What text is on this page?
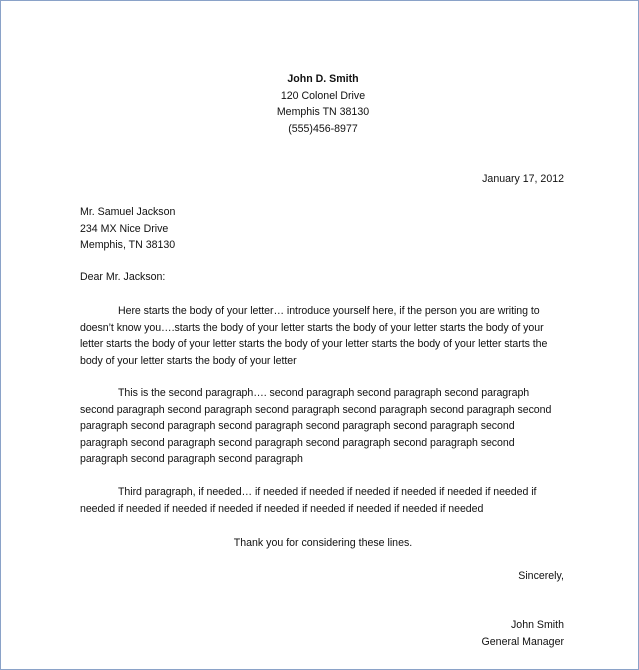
John D. Smith
120 Colonel Drive
Memphis TN 38130
(555)456-8977
January 17, 2012
Mr. Samuel Jackson
234 MX Nice Drive
Memphis, TN 38130
Dear Mr. Jackson:

Here starts the body of your letter… introduce yourself here, if the person you are writing to doesn’t know you….starts the body of your letter starts the body of your letter starts the body of your letter starts the body of your letter starts the body of your letter starts the body of your letter starts the body of your letter starts the body of your letter

This is the second paragraph…. second paragraph second paragraph second paragraph second paragraph second paragraph second paragraph second paragraph second paragraph second paragraph second paragraph second paragraph second paragraph second paragraph second paragraph second paragraph second paragraph second paragraph second paragraph second paragraph second paragraph second paragraph

Third paragraph, if needed… if needed if needed if needed if needed if needed if needed if needed if needed if needed if needed if needed if needed if needed if needed if needed

Thank you for considering these lines.
Sincerely,
John Smith
General Manager
